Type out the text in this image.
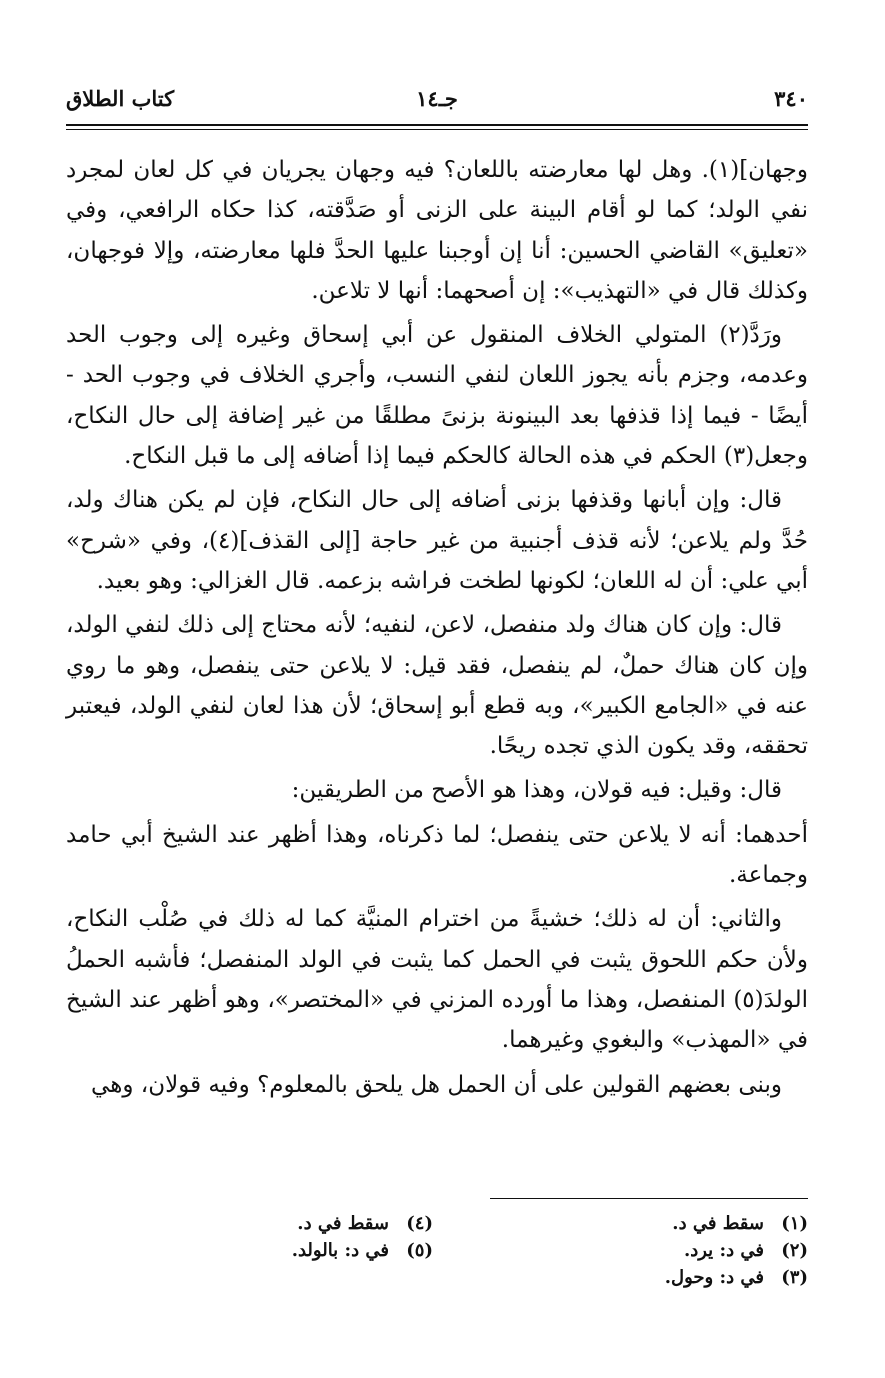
٣٤٠
جـ١٤
كتاب الطلاق

وجهان](١). وهل لها معارضته باللعان؟ فيه وجهان يجريان في كل لعان لمجرد نفي الولد؛ كما لو أقام البينة على الزنى أو صَدَّقته، كذا حكاه الرافعي، وفي «تعليق» القاضي الحسين: أنا إن أوجبنا عليها الحدَّ فلها معارضته، وإلا فوجهان، وكذلك قال في «التهذيب»: إن أصحهما: أنها لا تلاعن.

ورَدَّ(٢) المتولي الخلاف المنقول عن أبي إسحاق وغيره إلى وجوب الحد وعدمه، وجزم بأنه يجوز اللعان لنفي النسب، وأجري الخلاف في وجوب الحد - أيضًا - فيما إذا قذفها بعد البينونة بزنىً مطلقًا من غير إضافة إلى حال النكاح، وجعل(٣) الحكم في هذه الحالة كالحكم فيما إذا أضافه إلى ما قبل النكاح.

قال: وإن أبانها وقذفها بزنى أضافه إلى حال النكاح، فإن لم يكن هناك ولد، حُدَّ ولم يلاعن؛ لأنه قذف أجنبية من غير حاجة [إلى القذف](٤)، وفي «شرح» أبي علي: أن له اللعان؛ لكونها لطخت فراشه بزعمه. قال الغزالي: وهو بعيد.

قال: وإن كان هناك ولد منفصل، لاعن، لنفيه؛ لأنه محتاج إلى ذلك لنفي الولد، وإن كان هناك حملٌ، لم ينفصل، فقد قيل: لا يلاعن حتى ينفصل، وهو ما روي عنه في «الجامع الكبير»، وبه قطع أبو إسحاق؛ لأن هذا لعان لنفي الولد، فيعتبر تحققه، وقد يكون الذي تجده ريحًا.

قال: وقيل: فيه قولان، وهذا هو الأصح من الطريقين:

أحدهما: أنه لا يلاعن حتى ينفصل؛ لما ذكرناه، وهذا أظهر عند الشيخ أبي حامد وجماعة.

والثاني: أن له ذلك؛ خشيةً من اخترام المنيَّة كما له ذلك في صُلْب النكاح، ولأن حكم اللحوق يثبت في الحمل كما يثبت في الولد المنفصل؛ فأشبه الحملُ الولدَ(٥) المنفصل، وهذا ما أورده المزني في «المختصر»، وهو أظهر عند الشيخ في «المهذب» والبغوي وغيرهما.

وبنى بعضهم القولين على أن الحمل هل يلحق بالمعلوم؟ وفيه قولان، وهي

(١)سقط في د.
(٢)في د: يرد.
(٣)في د: وحول.
(٤)سقط في د.
(٥)في د: بالولد.
